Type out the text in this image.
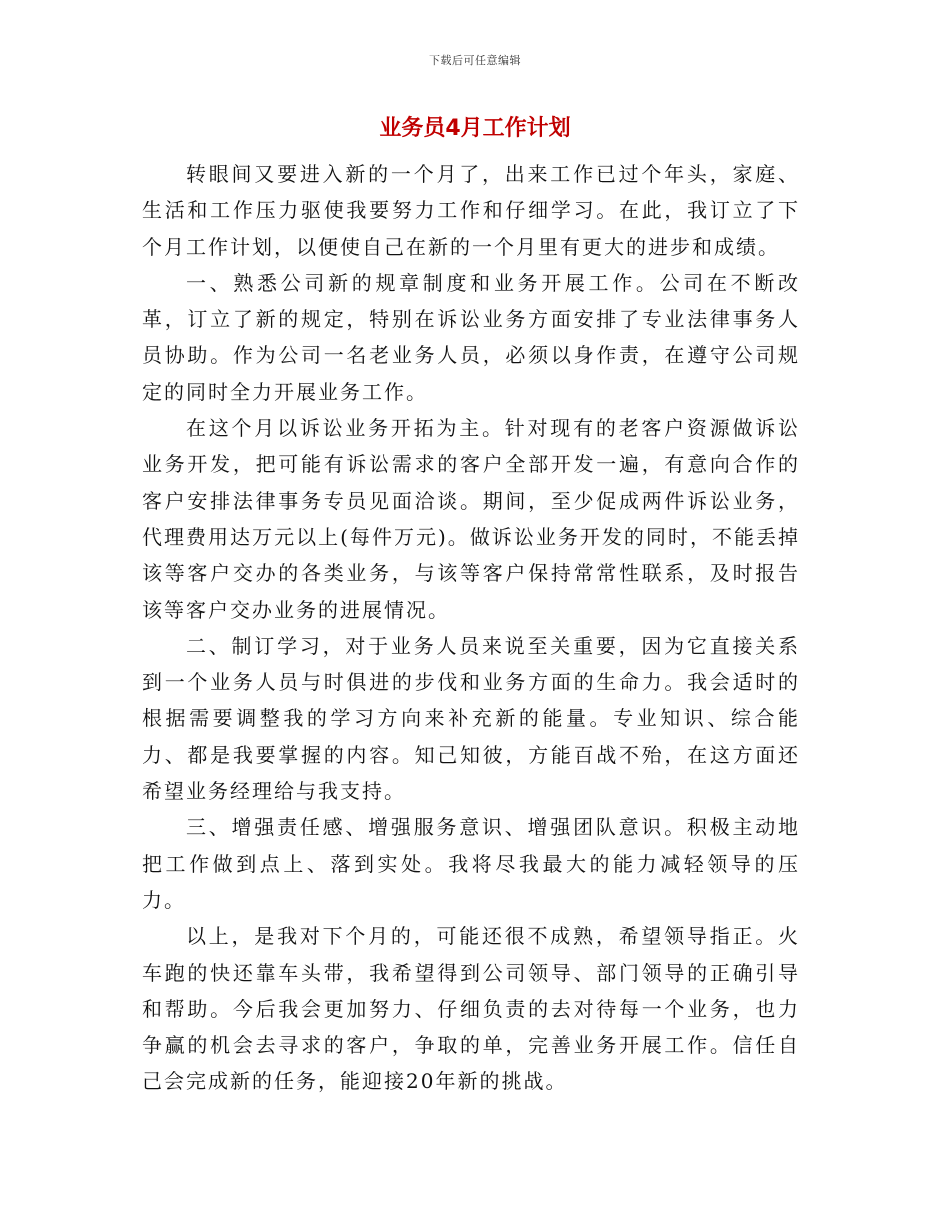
下载后可任意编辑
业务员4月工作计划

转眼间又要进入新的一个月了，出来工作已过个年头，家庭、生活和工作压力驱使我要努力工作和仔细学习。在此，我订立了下个月工作计划，以便使自己在新的一个月里有更大的进步和成绩。

一、熟悉公司新的规章制度和业务开展工作。公司在不断改革，订立了新的规定，特别在诉讼业务方面安排了专业法律事务人员协助。作为公司一名老业务人员，必须以身作责，在遵守公司规定的同时全力开展业务工作。

在这个月以诉讼业务开拓为主。针对现有的老客户资源做诉讼业务开发，把可能有诉讼需求的客户全部开发一遍，有意向合作的客户安排法律事务专员见面洽谈。期间，至少促成两件诉讼业务，代理费用达万元以上(每件万元)。做诉讼业务开发的同时，不能丢掉该等客户交办的各类业务，与该等客户保持常常性联系，及时报告该等客户交办业务的进展情况。

二、制订学习，对于业务人员来说至关重要，因为它直接关系到一个业务人员与时俱进的步伐和业务方面的生命力。我会适时的根据需要调整我的学习方向来补充新的能量。专业知识、综合能力、都是我要掌握的内容。知己知彼，方能百战不殆，在这方面还希望业务经理给与我支持。

三、增强责任感、增强服务意识、增强团队意识。积极主动地把工作做到点上、落到实处。我将尽我最大的能力减轻领导的压力。

以上，是我对下个月的，可能还很不成熟，希望领导指正。火车跑的快还靠车头带，我希望得到公司领导、部门领导的正确引导和帮助。今后我会更加努力、仔细负责的去对待每一个业务，也力争赢的机会去寻求的客户，争取的单，完善业务开展工作。信任自己会完成新的任务，能迎接20年新的挑战。
